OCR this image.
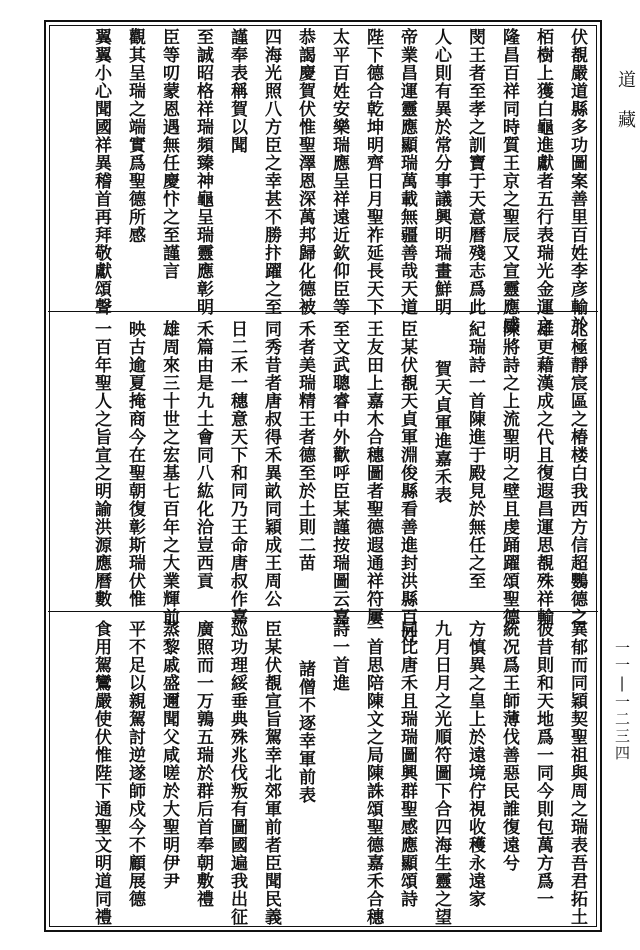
道藏
一一|一二三四
伏覩嚴道縣多功圖案善里百姓李彦輸於
栢樹上獲白龜進獻者五行表瑞光金運之
隆昌百祥同時質王京之聖辰又宣靈應感
閔王者至孝之訓寶于天意曆殘志爲此
人心則有異於常分事議興明瑞畫鮮明
帝業昌運靈應顯瑞萬載無疆善哉天道
陛下德合乾坤明齊日月聖祚延長天下
太平百姓安樂瑞應呈祥遠近欽仰臣等
恭謁慶賀伏惟聖澤恩深萬邦歸化德被
四海光照八方臣之幸甚不勝抃躍之至
謹奉表稱賀以聞
至誠昭格祥瑞頻臻神龜呈瑞靈應彰明
臣等叨蒙恩遇無任慶忭之至謹言
觀其呈瑞之端實爲聖德所感
翼翼小心聞國祥異稽首再拜敬獻頌聲
北極靜宸區之椿楼白我西方信超鸚德之
雄更藉漢成之代且復遐昌運思覩殊祥輸
陳將詩之上流聖明之壁且虔踊躍頌聖德
紀瑞詩一首陳進于殿見於無任之至
賀天貞軍進嘉禾表
臣某伏覩天貞軍淵俊縣看善進封洪縣百姓
王友田上嘉木合穗圖者聖德遐通祥符屢
至文武聰睿中外歡呼臣某謹按瑞圖云嘉
禾者美瑞精王者德至於土則二苗
同秀昔者唐叔得禾異畝同穎成王周公
日二禾一穗意天下和同乃王命唐叔作嘉
禾篇由是九土會同八紘化洽豈西貢
雄周來三十世之宏基七百年之大業輝前
映古逾夏掩商今在聖朝復彰斯瑞伏惟
一百年聖人之旨宣之明諭洪源應曆數
異郁而同穎契聖祖與周之瑞表吾君拓土
彼昔則和天地爲一同今則包萬方爲一
統况爲王師薄伐善惡民誰復遠兮
方慎異之皇上於遠境佇視收穫永遠家
九月日月之光順符圖下合四海生靈之望
同比唐禾且瑞瑞圖興群聖感應顯頌詩
一首思陪陳文之局陳誅頌聖德嘉禾合穗
詩一首進
諸僧不逐幸軍前表
臣某伏覩宣旨駕幸北郊軍前者臣聞民義
巡功理綏垂典殊兆伐叛有圖國遍我出征
廣照而一万鶉五瑞於群后首奉朝敷禮
蒸黎戚盛邇聞父咸嗟於大聖明伊尹
平不足以親駕討逆遂師戍今不顧展德
食用駕鸞嚴使伏惟陛下通聖文明道同禮
